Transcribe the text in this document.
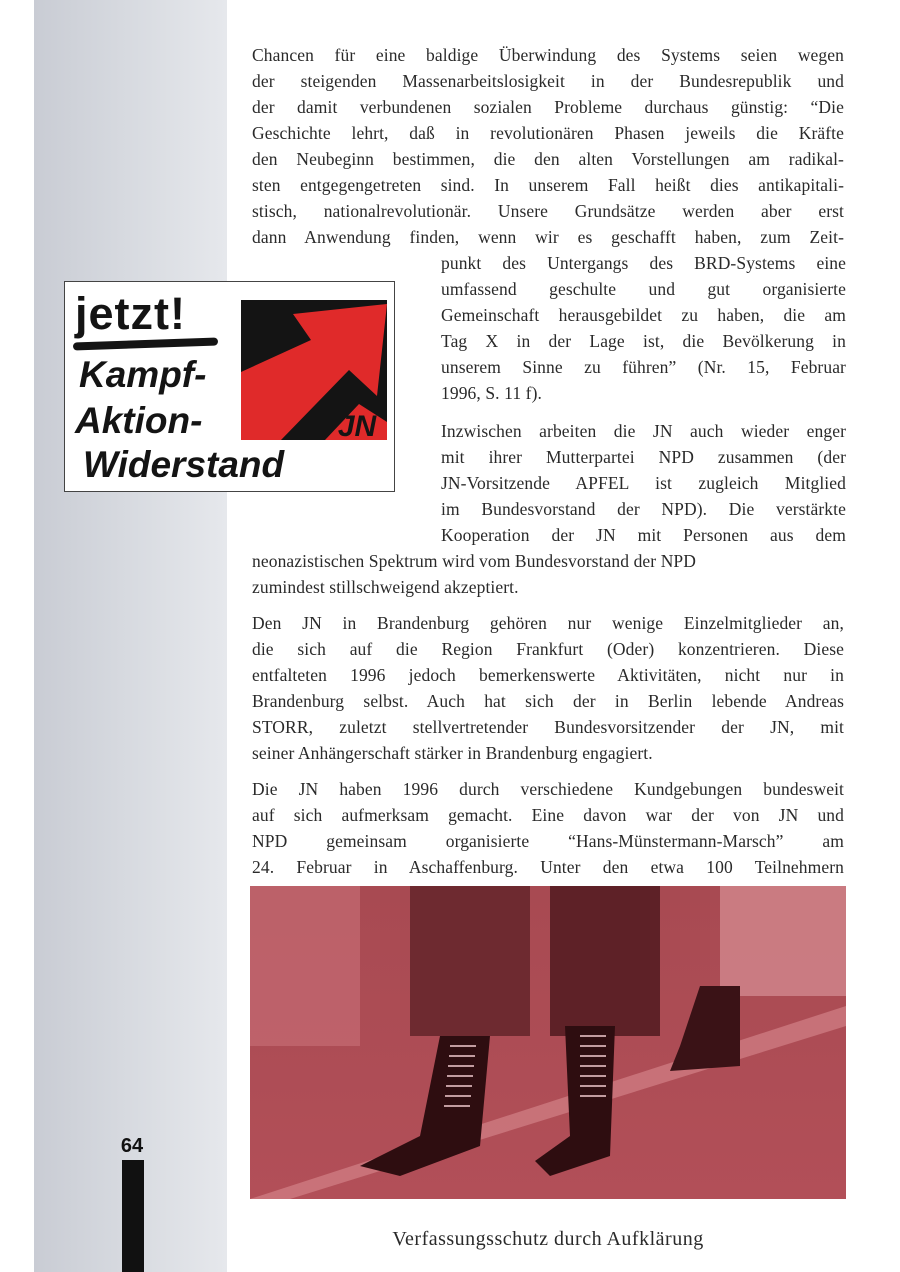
64
Chancen für eine baldige Überwindung des Systems seien wegen
der steigenden Massenarbeitslosigkeit in der Bundesrepublik und
der damit verbundenen sozialen Probleme durchaus günstig: “Die
Geschichte lehrt, daß in revolutionären Phasen jeweils die Kräfte
den Neubeginn bestimmen, die den alten Vorstellungen am radikal-
sten entgegengetreten sind. In unserem Fall heißt dies antikapitali-
stisch, nationalrevolutionär. Unsere Grundsätze werden aber erst
dann Anwendung finden, wenn wir es geschafft haben, zum Zeit-
punkt des Untergangs des BRD-Systems eine
umfassend geschulte und gut organisierte
Gemeinschaft herausgebildet zu haben, die am
Tag X in der Lage ist, die Bevölkerung in
unserem Sinne zu führen” (Nr. 15, Februar
1996, S. 11 f).
Inzwischen arbeiten die JN auch wieder enger
mit ihrer Mutterpartei NPD zusammen (der
JN-Vorsitzende APFEL ist zugleich Mitglied
im Bundesvorstand der NPD). Die verstärkte
Kooperation der JN mit Personen aus dem
neonazistischen Spektrum wird vom Bundesvorstand der NPD
zumindest stillschweigend akzeptiert.
Den JN in Brandenburg gehören nur wenige Einzelmitglieder an,
die sich auf die Region Frankfurt (Oder) konzentrieren. Diese
entfalteten 1996 jedoch bemerkenswerte Aktivitäten, nicht nur in
Brandenburg selbst. Auch hat sich der in Berlin lebende Andreas
STORR, zuletzt stellvertretender Bundesvorsitzender der JN, mit
seiner Anhängerschaft stärker in Brandenburg engagiert.
Die JN haben 1996 durch verschiedene Kundgebungen bundesweit
auf sich aufmerksam gemacht. Eine davon war der von JN und
NPD gemeinsam organisierte “Hans-Münstermann-Marsch” am
24. Februar in Aschaffenburg. Unter den etwa 100 Teilnehmern

jetzt!

Kampf-

Aktion-

Widerstand

JN

Verfassungsschutz durch Aufklärung
